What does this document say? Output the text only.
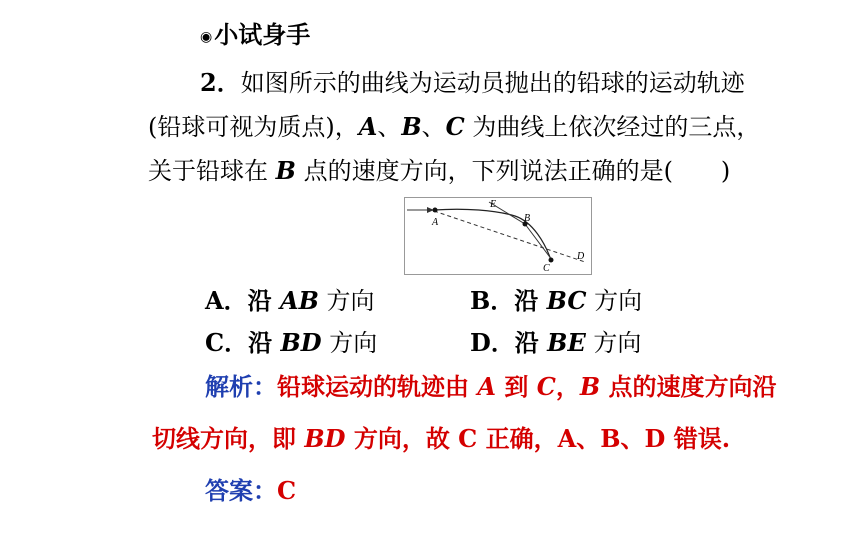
◉小试身手
2．如图所示的曲线为运动员抛出的铅球的运动轨迹
(铅球可视为质点)，A、B、C 为曲线上依次经过的三点，
关于铅球在 B 点的速度方向，下列说法正确的是(　　)
A
E
B
C
D
A．沿 AB 方向	B．沿 BC 方向
C．沿 BD 方向	D．沿 BE 方向
解析：铅球运动的轨迹由 A 到 C，B 点的速度方向沿
切线方向，即 BD 方向，故 C 正确，A、B、D 错误.
答案：C
